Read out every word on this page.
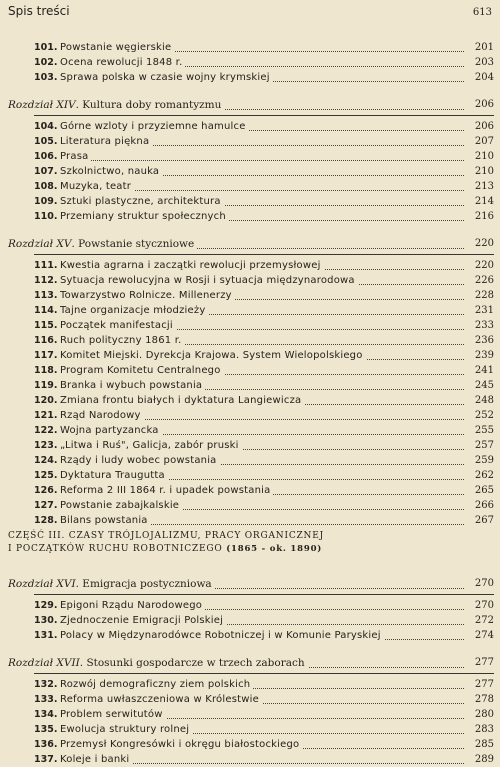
Spis treści	613
101. Powstanie węgierskie	201
102. Ocena rewolucji 1848 r.	203
103. Sprawa polska w czasie wojny krymskiej	204
Rozdział XIV. Kultura doby romantyzmu	206
104. Górne wzloty i przyziemne hamulce	206
105. Literatura piękna	207
106. Prasa	210
107. Szkolnictwo, nauka	210
108. Muzyka, teatr	213
109. Sztuki plastyczne, architektura	214
110. Przemiany struktur społecznych	216
Rozdział XV. Powstanie styczniowe	220
111. Kwestia agrarna i zaczątki rewolucji przemysłowej	220
112. Sytuacja rewolucyjna w Rosji i sytuacja międzynarodowa	226
113. Towarzystwo Rolnicze. Millenerzy	228
114. Tajne organizacje młodzieży	231
115. Początek manifestacji	233
116. Ruch polityczny 1861 r.	236
117. Komitet Miejski. Dyrekcja Krajowa. System Wielopolskiego	239
118. Program Komitetu Centralnego	241
119. Branka i wybuch powstania	245
120. Zmiana frontu białych i dyktatura Langiewicza	248
121. Rząd Narodowy	252
122. Wojna partyzancka	255
123. „Litwa i Ruś", Galicja, zabór pruski	257
124. Rządy i ludy wobec powstania	259
125. Dyktatura Traugutta	262
126. Reforma 2 III 1864 r. i upadek powstania	265
127. Powstanie zabajkalskie	266
128. Bilans powstania	267
CZĘŚĆ III. CZASY TRÓJLOJALIZMU, PRACY ORGANICZNEJ
I POCZĄTKÓW RUCHU ROBOTNICZEGO (1865 - ok. 1890)
Rozdział XVI. Emigracja postyczniowa	270
129. Epigoni Rządu Narodowego	270
130. Zjednoczenie Emigracji Polskiej	272
131. Polacy w Międzynarodówce Robotniczej i w Komunie Paryskiej	274
Rozdział XVII. Stosunki gospodarcze w trzech zaborach	277
132. Rozwój demograficzny ziem polskich	277
133. Reforma uwłaszczeniowa w Królestwie	278
134. Problem serwitutów	280
135. Ewolucja struktury rolnej	283
136. Przemysł Kongresówki i okręgu białostockiego	285
137. Koleje i banki	289
